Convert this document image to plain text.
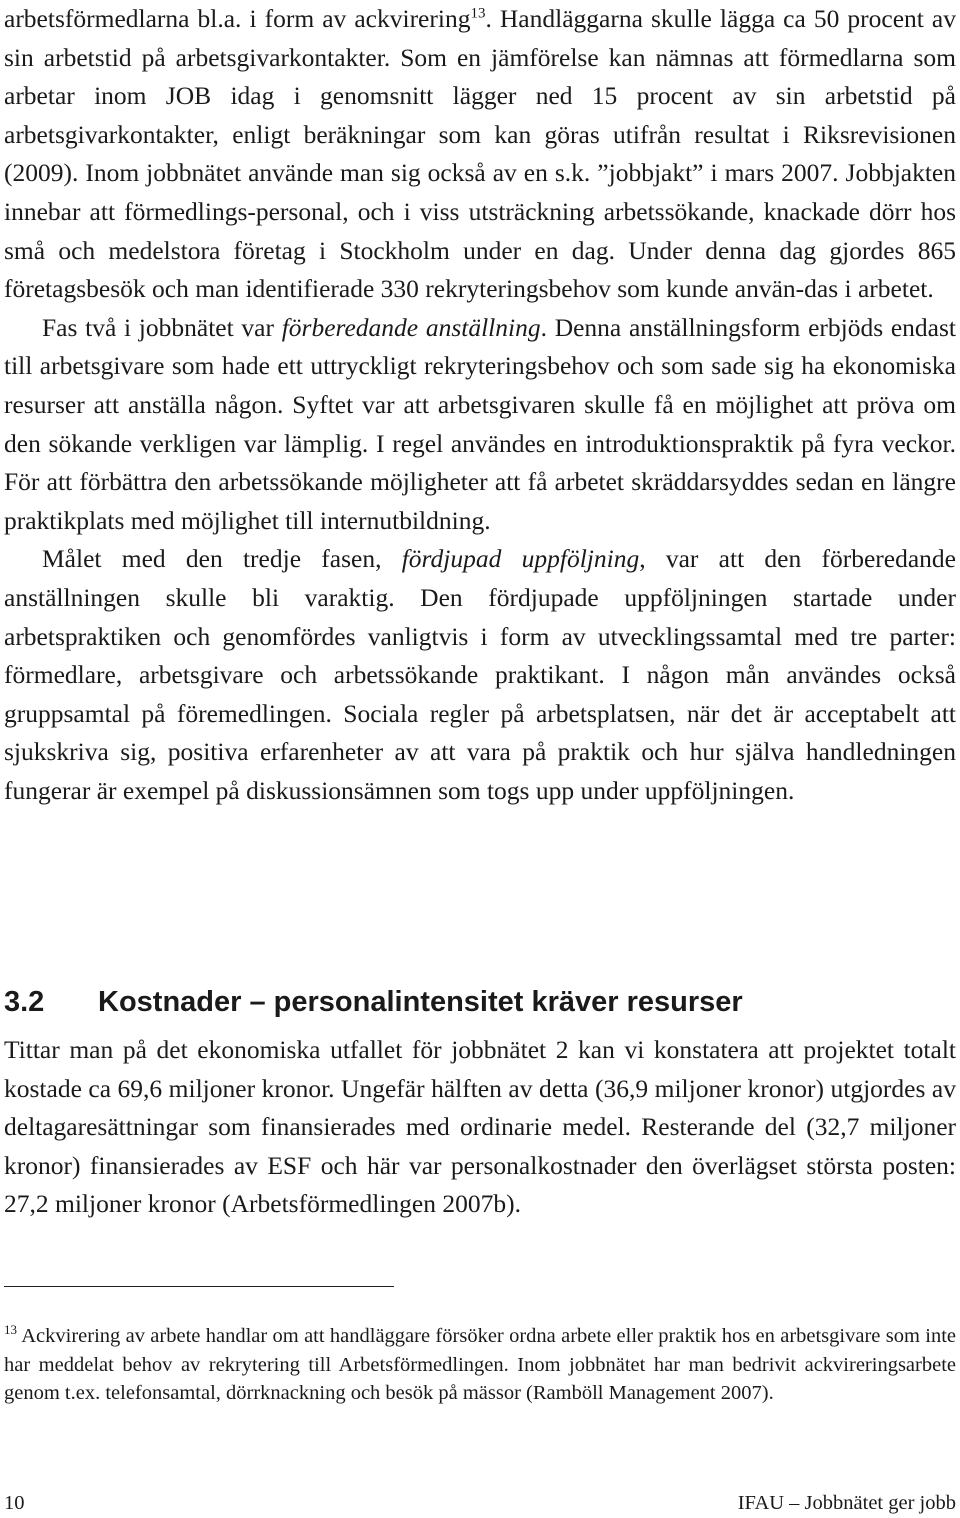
arbetsförmedlarna bl.a. i form av ackvirering$^{13}$. Handläggarna skulle lägga ca 50 procent av sin arbetstid på arbetsgivarkontakter. Som en jämförelse kan nämnas att förmedlarna som arbetar inom JOB idag i genomsnitt lägger ned 15 procent av sin arbetstid på arbetsgivarkontakter, enligt beräkningar som kan göras utifrån resultat i Riksrevisionen (2009). Inom jobbnätet använde man sig också av en s.k. ”jobbjakt” i mars 2007. Jobbjakten innebar att förmedlings-personal, och i viss utsträckning arbetssökande, knackade dörr hos små och medelstora företag i Stockholm under en dag. Under denna dag gjordes 865 företagsbesök och man identifierade 330 rekryteringsbehov som kunde använ-das i arbetet.

Fas två i jobbnätet var förberedande anställning. Denna anställningsform erbjöds endast till arbetsgivare som hade ett uttryckligt rekryteringsbehov och som sade sig ha ekonomiska resurser att anställa någon. Syftet var att arbetsgivaren skulle få en möjlighet att pröva om den sökande verkligen var lämplig. I regel användes en introduktionspraktik på fyra veckor. För att förbättra den arbetssökande möjligheter att få arbetet skräddarsyddes sedan en längre praktikplats med möjlighet till internutbildning.

Målet med den tredje fasen, fördjupad uppföljning, var att den förberedande anställningen skulle bli varaktig. Den fördjupade uppföljningen startade under arbetspraktiken och genomfördes vanligtvis i form av utvecklingssamtal med tre parter: förmedlare, arbetsgivare och arbetssökande praktikant. I någon mån användes också gruppsamtal på föremedlingen. Sociala regler på arbetsplatsen, när det är acceptabelt att sjukskriva sig, positiva erfarenheter av att vara på praktik och hur själva handledningen fungerar är exempel på diskussionsämnen som togs upp under uppföljningen.

3.2 Kostnader – personalintensitet kräver resurser

Tittar man på det ekonomiska utfallet för jobbnätet 2 kan vi konstatera att projektet totalt kostade ca 69,6 miljoner kronor. Ungefär hälften av detta (36,9 miljoner kronor) utgjordes av deltagaresättningar som finansierades med ordinarie medel. Resterande del (32,7 miljoner kronor) finansierades av ESF och här var personalkostnader den överlägset största posten: 27,2 miljoner kronor (Arbetsförmedlingen 2007b).

$^{13}$ Ackvirering av arbete handlar om att handläggare försöker ordna arbete eller praktik hos en arbetsgivare som inte har meddelat behov av rekrytering till Arbetsförmedlingen. Inom jobbnätet har man bedrivit ackvireringsarbete genom t.ex. telefonsamtal, dörrknackning och besök på mässor (Ramböll Management 2007).

10	IFAU – Jobbnätet ger jobb
